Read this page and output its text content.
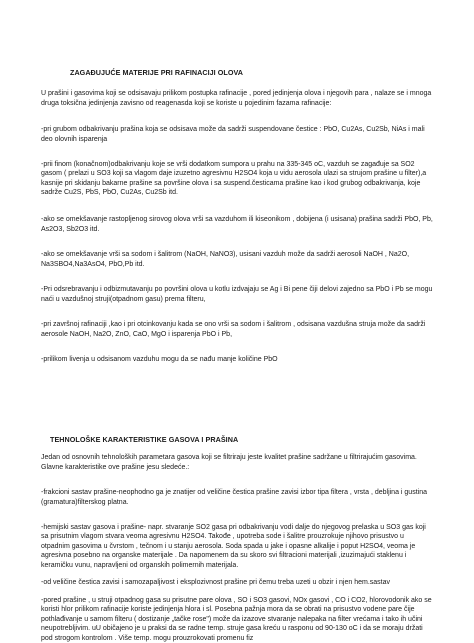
ZAGAĐUJUĆE MATERIJE PRI RAFINACIJI OLOVA

U prašini i gasovima koji se odsisavaju prilikom postupka rafinacije , pored jedinjenja olova i njegovih para , nalaze se i mnoga druga toksična jedinjenja zavisno od reagenasda koji se koriste u pojedinim fazama rafinacije:

-pri grubom odbakrivanju prašina koja se odsisava može da sadrži suspendovane čestice : PbO, Cu2As, Cu2Sb, NiAs i mali deo olovnih isparenja

-prii finom (konačnom)odbakrivanju koje se vrši dodatkom sumpora u prahu na 335-345 oC, vazduh se zagađuje sa SO2 gasom ( prelazi u SO3 koji sa vlagom daje izuzetno agresivnu H2SO4 koja u vidu aerosola ulazi sa strujom prašine u filter),a kasnije pri skidanju bakarne prašine sa površine olova i sa suspend.česticama prašine kao i kod grubog odbakrivanja, koje sadrže Cu2S, PbS, PbO, Cu2As, Cu2Sb itd.

-ako se omekšavanje rastopljenog sirovog olova vrši sa vazduhom ili kiseonikom , dobijena (i usisana) prašina sadrži PbO, Pb, As2O3, Sb2O3 itd.

-ako se omekšavanje vrši sa sodom i šalitrom (NaOH, NaNO3), usisani vazduh može da sadrži aerosoli NaOH , Na2O, Na3SBO4,Na3AsO4, PbO,Pb itd.

-Pri odsrebravanju i odbizmutavanju po površini olova u kotlu izdvajaju se Ag i Bi pene čiji delovi zajedno sa PbO i Pb se mogu naći u vazdušnoj struji(otpadnom gasu) prema filteru,

-pri završnoj rafinaciji ,kao i pri otcinkovanju kada se ono vrši sa sodom i šalitrom , odsisana vazdušna struja može da sadrži aerosole NaOH, Na2O, ZnO, CaO, MgO i isparenja PbO i Pb,

-prilikom livenja u odsisanom vazduhu mogu da se nađu manje količine PbO

TEHNOLOŠKE KARAKTERISTIKE GASOVA I PRAŠINA

Jedan od osnovnih tehnoloških parametara gasova koji se filtriraju jeste kvalitet prašine sadržane u filtrirajućim gasovima. Glavne karakteristike ove prašine jesu sledeće.:

-frakcioni sastav prašine-neophodno ga je znatijer od veličine čestica prašine zavisi izbor tipa filtera , vrsta , debljina i gustina (gramatura)filterskog platna.

-hemijski sastav gasova i prašine- napr. stvaranje SO2 gasa pri odbakrivanju vodi dalje do njegovog prelaska u SO3 gas koji sa prisutnim vlagom stvara veoma agresivnu H2SO4. Takođe , upotreba sode i šalitre prouzrokuje njihovo prisustvo u otpadnim gasovima u čvrstom , tečnom i u stanju aerosola. Soda spada u jake i opasne alkalije i poput H2SO4, veoma je agresivna posebno na organske materijale . Da napomenem da su skoro svi filtracioni materijali ,izuzimajući staklenu i keramičku vunu, napravljeni od organskih polimernih materijala.

-od veličine čestica zavisi i samozapaljivost i eksplozivnost prašine pri čemu treba uzeti u obzir i njen hem.sastav

-pored prašine , u struji otpadnog gasa su prisutne pare olova , SO i SO3 gasovi, NOx gasovi , CO i CO2, hlorovodonik ako se koristi hlor prilikom rafinacije koriste jedinjenja hlora i sl. Posebna pažnja mora da se obrati na prisustvo vodene pare čije pothlađivanje u samom filteru ( dostizanje „tačke rose") može da izazove stvaranje nalepaka na filter vrećama i tako ih učini neupotrebljivim. uU običajeno je u praksi da se radne temp. struje gasa kreću u rasponu od 90-130 oC i da se moraju držati pod strogom kontrolom . Više temp. mogu prouzrokovati promenu fiz
